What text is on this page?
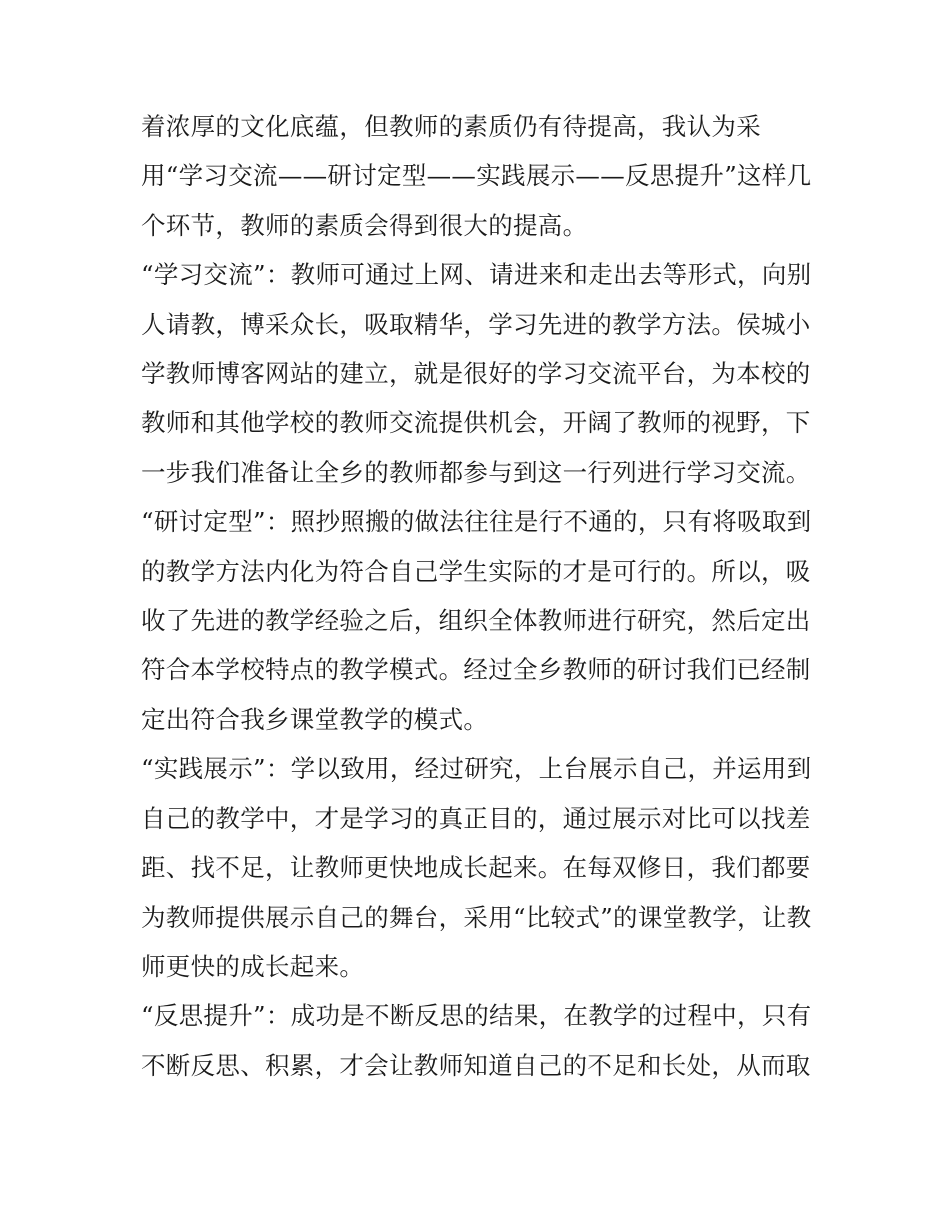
着浓厚的文化底蕴，但教师的素质仍有待提高，我认为采

用“学习交流——研讨定型——实践展示——反思提升”这样几

个环节，教师的素质会得到很大的提高。

“学习交流”：教师可通过上网、请进来和走出去等形式，向别

人请教，博采众长，吸取精华，学习先进的教学方法。侯城小

学教师博客网站的建立，就是很好的学习交流平台，为本校的

教师和其他学校的教师交流提供机会，开阔了教师的视野，下

一步我们准备让全乡的教师都参与到这一行列进行学习交流。

“研讨定型”：照抄照搬的做法往往是行不通的，只有将吸取到

的教学方法内化为符合自己学生实际的才是可行的。所以，吸

收了先进的教学经验之后，组织全体教师进行研究，然后定出

符合本学校特点的教学模式。经过全乡教师的研讨我们已经制

定出符合我乡课堂教学的模式。

“实践展示”：学以致用，经过研究，上台展示自己，并运用到

自己的教学中，才是学习的真正目的，通过展示对比可以找差

距、找不足，让教师更快地成长起来。在每双修日，我们都要

为教师提供展示自己的舞台，采用“比较式”的课堂教学，让教

师更快的成长起来。

“反思提升”：成功是不断反思的结果，在教学的过程中，只有

不断反思、积累，才会让教师知道自己的不足和长处，从而取
